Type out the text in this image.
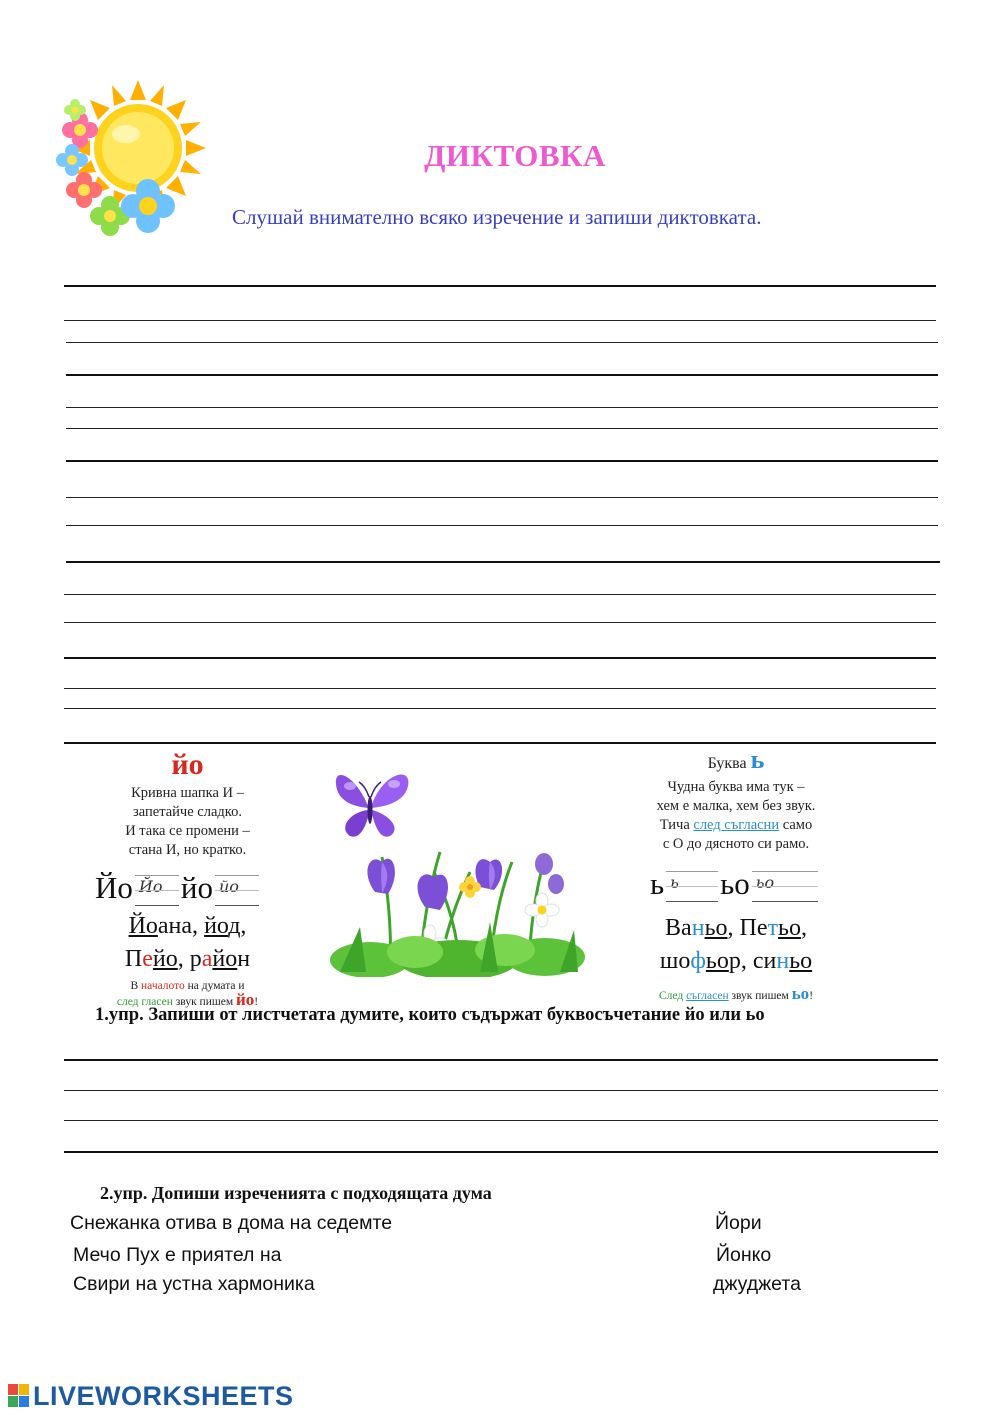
ДИКТОВКА
Слушай внимателно всяко изречение и запиши диктовката.
йо
Кривна шапка И –
запетайче сладко.
И така се промени –
стана И, но кратко.
Йо Йо йо йо
Йоана, йод,
Пейо, район
В началото на думата и
след гласен звук пишем йо!
Буква ь
Чудна буква има тук –
хем е малка, хем без звук.
Тича след съгласни само
с О до дясното си рамо.
ь ь ьо ьо
Ваньо, Петьо,
шофьор, синьо
След съгласен звук пишем ьо!
1.упр. Запиши от листчетата думите, които съдържат буквосъчетание йо или ьо
2.упр. Допиши изреченията с подходящата дума
Снежанка отива в дома на седемте
Мечо Пух е приятел на
Свири на устна хармоника
Йори
Йонко
джуджета
LIVEWORKSHEETS
